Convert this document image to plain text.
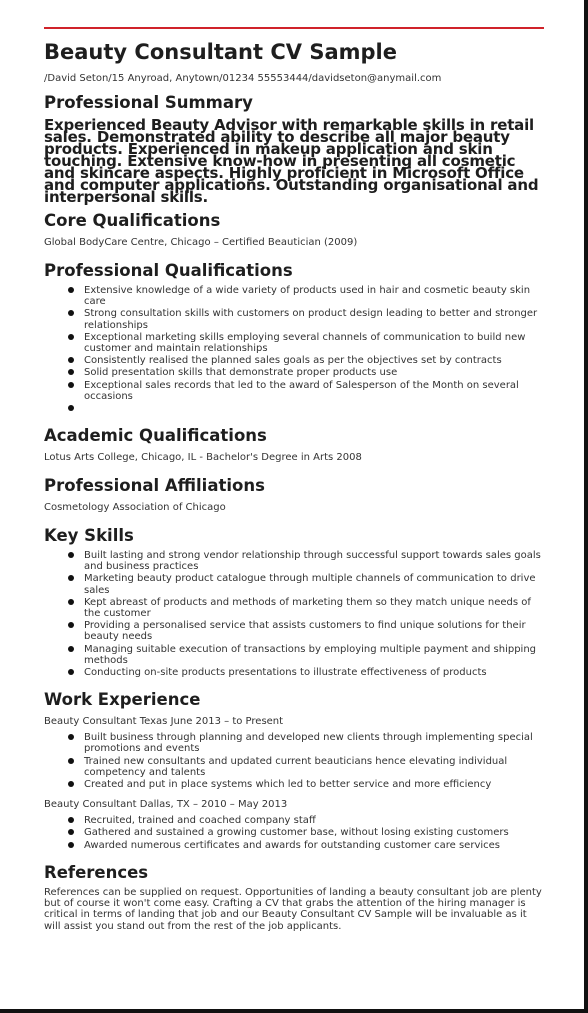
Beauty Consultant CV Sample

/David Seton/15 Anyroad, Anytown/01234 55553444/davidseton@anymail.com

Professional Summary

Experienced Beauty Advisor with remarkable skills in retail sales. Demonstrated ability to describe all major beauty products. Experienced in makeup application and skin touching. Extensive know-how in presenting all cosmetic and skincare aspects. Highly proficient in Microsoft Office and computer applications. Outstanding organisational and interpersonal skills.

Core Qualifications

Global BodyCare Centre, Chicago – Certified Beautician (2009)

Professional Qualifications
Extensive knowledge of a wide variety of products used in hair and cosmetic beauty skin care
Strong consultation skills with customers on product design leading to better and stronger relationships
Exceptional marketing skills employing several channels of communication to build new customer and maintain relationships
Consistently realised the planned sales goals as per the objectives set by contracts
Solid presentation skills that demonstrate proper products use
Exceptional sales records that led to the award of Salesperson of the Month on several occasions
Academic Qualifications

Lotus Arts College, Chicago, IL - Bachelor's Degree in Arts 2008

Professional Affiliations

Cosmetology Association of Chicago

Key Skills
Built lasting and strong vendor relationship through successful support towards sales goals and business practices
Marketing beauty product catalogue through multiple channels of communication to drive sales
Kept abreast of products and methods of marketing them so they match unique needs of the customer
Providing a personalised service that assists customers to find unique solutions for their beauty needs
Managing suitable execution of transactions by employing multiple payment and shipping methods
Conducting on-site products presentations to illustrate effectiveness of products
Work Experience

Beauty Consultant Texas June 2013 – to Present

Built business through planning and developed new clients through implementing special promotions and events
Trained new consultants and updated current beauticians hence elevating individual competency and talents
Created and put in place systems which led to better service and more efficiency

Beauty Consultant Dallas, TX – 2010 – May 2013

Recruited, trained and coached company staff
Gathered and sustained a growing customer base, without losing existing customers
Awarded numerous certificates and awards for outstanding customer care services
References

References can be supplied on request. Opportunities of landing a beauty consultant job are plenty but of course it won't come easy. Crafting a CV that grabs the attention of the hiring manager is critical in terms of landing that job and our Beauty Consultant CV Sample will be invaluable as it will assist you stand out from the rest of the job applicants.
